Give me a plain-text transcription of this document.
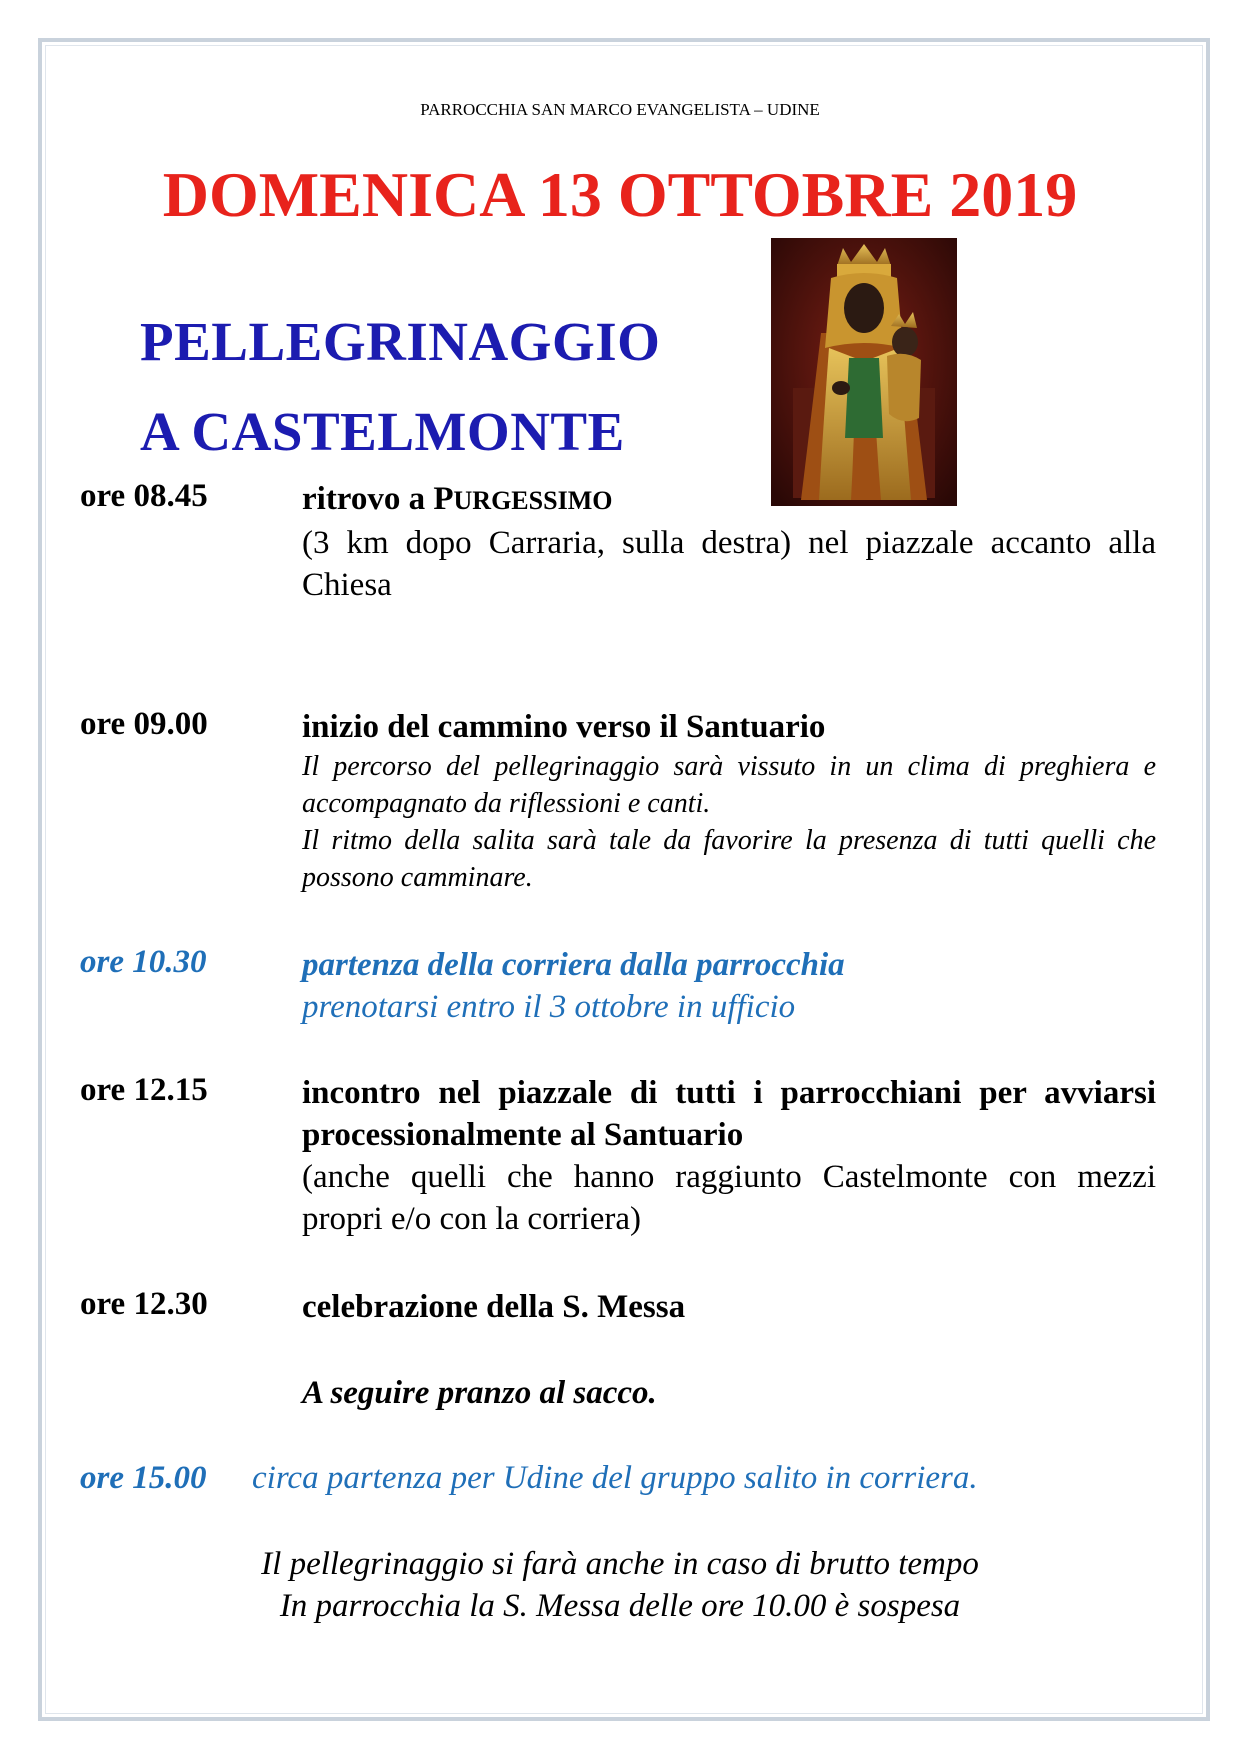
PARROCCHIA SAN MARCO EVANGELISTA – UDINE
DOMENICA 13 OTTOBRE 2019
PELLEGRINAGGIO
A CASTELMONTE
ore 08.45	ritrovo a PURGESSIMO
(3 km dopo Carraria, sulla destra) nel piazzale accanto alla Chiesa
ore 09.00	inizio del cammino verso il Santuario
Il percorso del pellegrinaggio sarà vissuto in un clima di preghiera e accompagnato da riflessioni e canti.
Il ritmo della salita sarà tale da favorire la presenza di tutti quelli che possono camminare.
ore 10.30	partenza della corriera dalla parrocchia
prenotarsi entro il 3 ottobre in ufficio
ore 12.15	incontro nel piazzale di tutti i parrocchiani per avviarsi processionalmente al Santuario
(anche quelli che hanno raggiunto Castelmonte con mezzi propri e/o con la corriera)
ore 12.30	celebrazione della S. Messa
A seguire pranzo al sacco.
ore 15.00 circa partenza per Udine del gruppo salito in corriera.
Il pellegrinaggio si farà anche in caso di brutto tempo
In parrocchia la S. Messa delle ore 10.00 è sospesa
